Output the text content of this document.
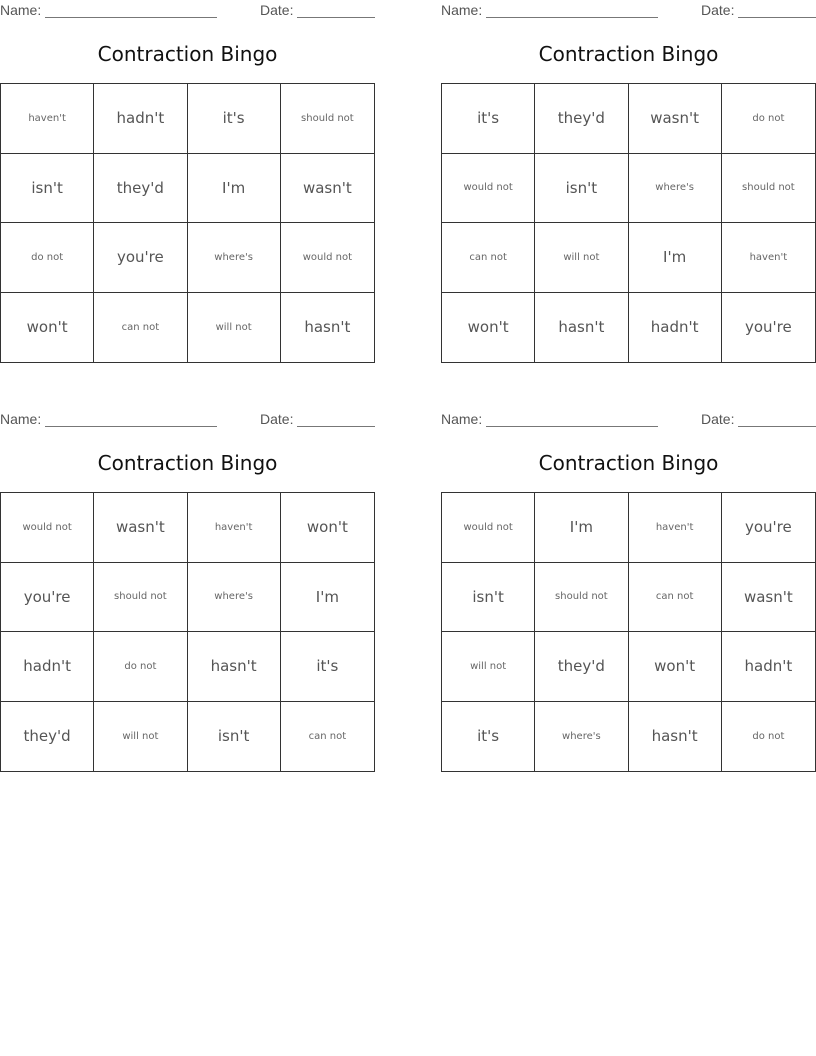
Name:	Date:
Contraction Bingo
haven't	hadn't	it's	should not
isn't	they'd	I'm	wasn't
do not	you're	where's	would not
won't	can not	will not	hasn't
Name:	Date:
Contraction Bingo
it's	they'd	wasn't	do not
would not	isn't	where's	should not
can not	will not	I'm	haven't
won't	hasn't	hadn't	you're
Name:	Date:
Contraction Bingo
would not	wasn't	haven't	won't
you're	should not	where's	I'm
hadn't	do not	hasn't	it's
they'd	will not	isn't	can not
Name:	Date:
Contraction Bingo
would not	I'm	haven't	you're
isn't	should not	can not	wasn't
will not	they'd	won't	hadn't
it's	where's	hasn't	do not
